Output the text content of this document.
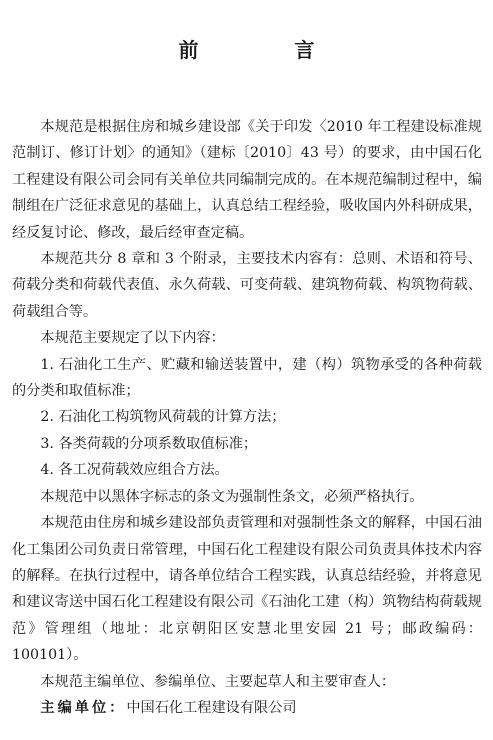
前　言

本规范是根据住房和城乡建设部《关于印发〈2010 年工程建设标准规范制订、修订计划〉的通知》（建标〔2010〕43 号）的要求，由中国石化工程建设有限公司会同有关单位共同编制完成的。在本规范编制过程中，编制组在广泛征求意见的基础上，认真总结工程经验，吸收国内外科研成果，经反复讨论、修改，最后经审查定稿。

本规范共分 8 章和 3 个附录，主要技术内容有：总则、术语和符号、荷载分类和荷载代表值、永久荷载、可变荷载、建筑物荷载、构筑物荷载、荷载组合等。

本规范主要规定了以下内容：

1. 石油化工生产、贮藏和输送装置中，建（构）筑物承受的各种荷载的分类和取值标准；

2. 石油化工构筑物风荷载的计算方法；

3. 各类荷载的分项系数取值标准；

4. 各工况荷载效应组合方法。

本规范中以黑体字标志的条文为强制性条文，必须严格执行。

本规范由住房和城乡建设部负责管理和对强制性条文的解释，中国石油化工集团公司负责日常管理，中国石化工程建设有限公司负责具体技术内容的解释。在执行过程中，请各单位结合工程实践，认真总结经验，并将意见和建议寄送中国石化工程建设有限公司《石油化工建（构）筑物结构荷载规范》管理组（地址：北京朝阳区安慧北里安园 21 号；邮政编码：100101）。

本规范主编单位、参编单位、主要起草人和主要审查人：

主编单位：中国石化工程建设有限公司
